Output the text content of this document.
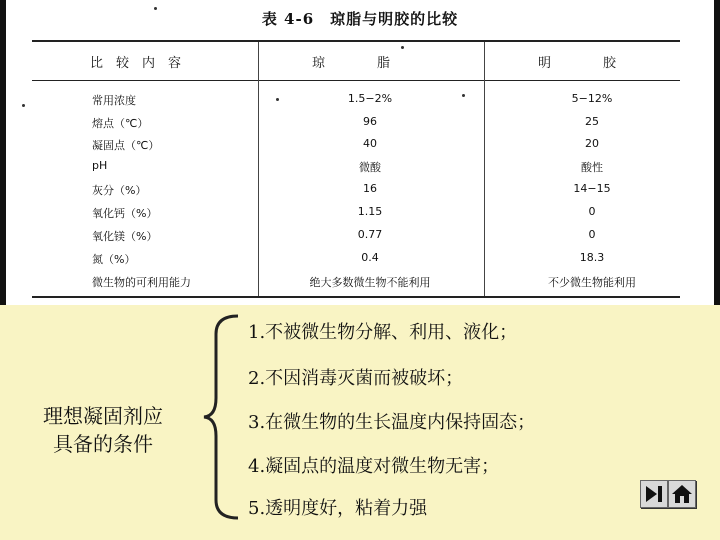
表 4-6　琼脂与明胶的比较
比　较　内　容	琼　　　　脂	明　　　　胶
常用浓度
熔点（℃）
凝固点（℃）
pH
灰分（%）
氧化钙（%）
氧化镁（%）
氮（%）
微生物的可利用能力
1.5−2%
96
40
微酸
16
1.15
0.77
0.4
绝大多数微生物不能利用
5−12%
25
20
酸性
14−15
0
0
18.3
不少微生物能利用
理想凝固剂应
具备的条件
1.不被微生物分解、利用、液化；
2.不因消毒灭菌而被破坏；
3.在微生物的生长温度内保持固态；
4.凝固点的温度对微生物无害；
5.透明度好，粘着力强
